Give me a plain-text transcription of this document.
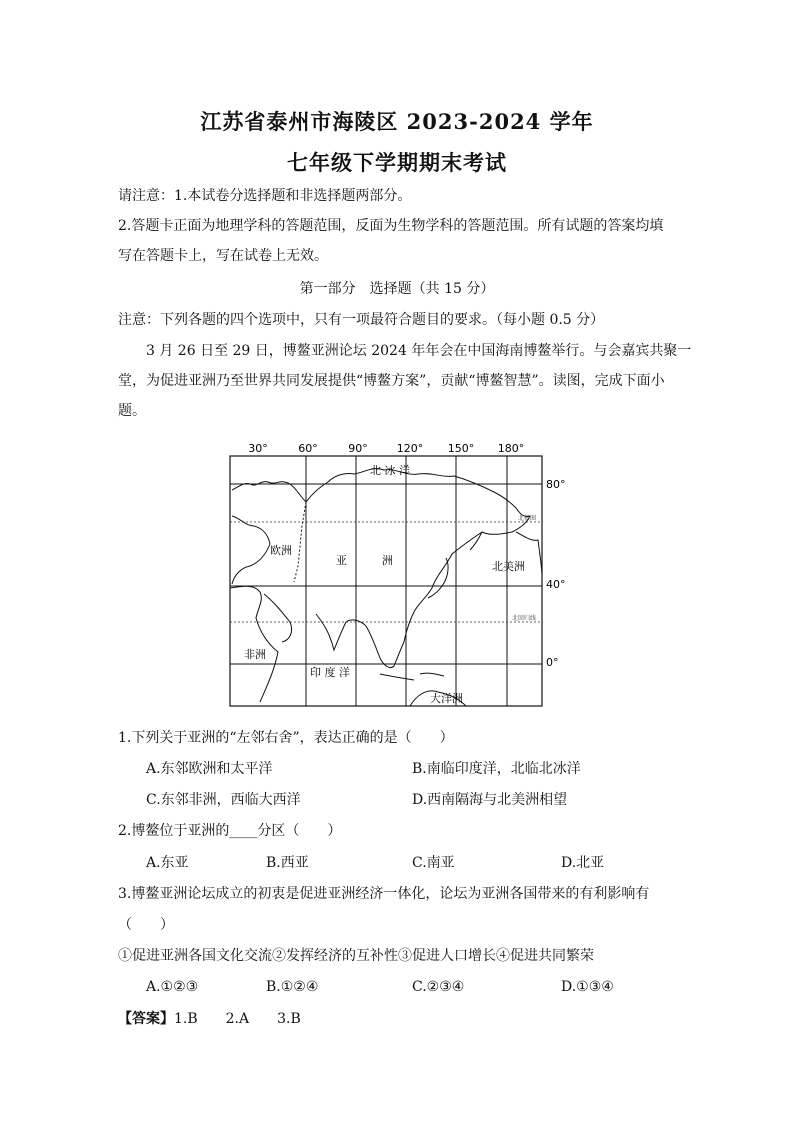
江苏省泰州市海陵区 2023-2024 学年
七年级下学期期末考试
请注意：1.本试卷分选择题和非选择题两部分。
2.答题卡正面为地理学科的答题范围，反面为生物学科的答题范围。所有试题的答案均填
写在答题卡上，写在试卷上无效。
第一部分　选择题（共 15 分）
注意：下列各题的四个选项中，只有一项最符合题目的要求。（每小题 0.5 分）
3 月 26 日至 29 日，博鳌亚洲论坛 2024 年年会在中国海南博鳌举行。与会嘉宾共聚一
堂，为促进亚洲乃至世界共同发展提供“博鳌方案”，贡献“博鳌智慧”。读图，完成下面小
题。
30°	60°	90°	120° 150° 180°
80°
40°
0°
北 冰 洋
欧洲
亚	洲	北美洲
非洲
印 度 洋
大洋洲
北极圈
北回归线
1.下列关于亚洲的“左邻右舍”，表达正确的是（　　）
A.东邻欧洲和太平洋	B.南临印度洋，北临北冰洋
C.东邻非洲，西临大西洋	D.西南隔海与北美洲相望
2.博鳌位于亚洲的____分区（　　）
A.东亚	B.西亚	C.南亚	D.北亚
3.博鳌亚洲论坛成立的初衷是促进亚洲经济一体化，论坛为亚洲各国带来的有利影响有
（　　）
①促进亚洲各国文化交流②发挥经济的互补性③促进人口增长④促进共同繁荣
A.①②③	B.①②④	C.②③④	D.①③④
【答案】1.B　　2.A　　3.B
